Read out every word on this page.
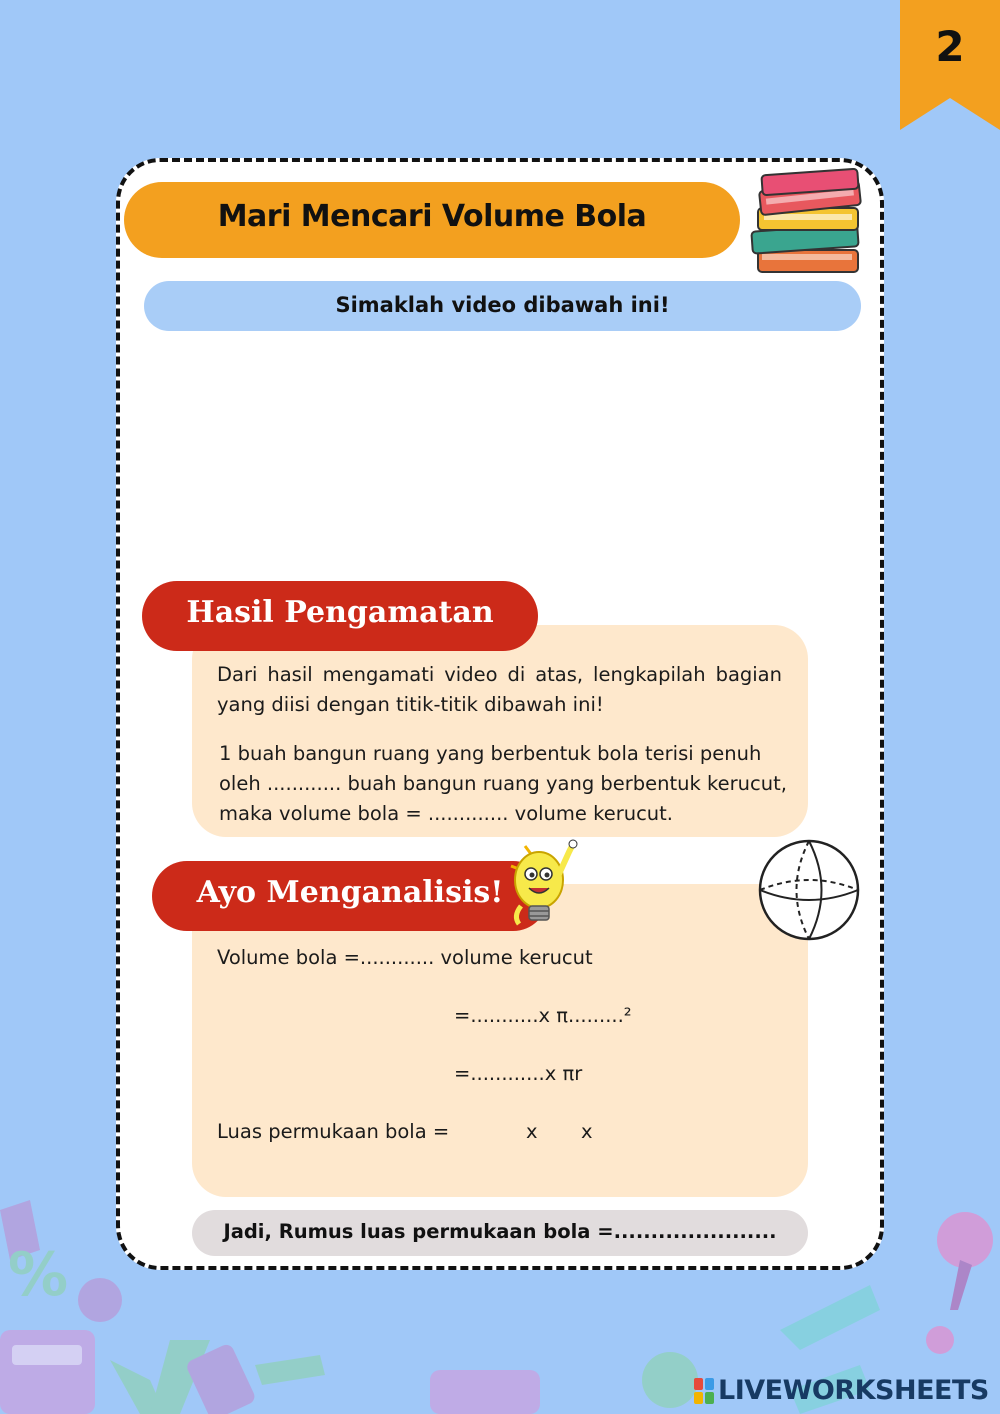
%
2
Mari Mencari Volume Bola
Simaklah video dibawah ini!
Hasil Pengamatan
Dari hasil mengamati video di atas, lengkapilah bagian yang diisi dengan titik-titik dibawah ini!
1 buah bangun ruang yang berbentuk bola terisi penuh oleh ............ buah bangun ruang yang berbentuk kerucut, maka volume bola = ............. volume kerucut.
Ayo Menganalisis!
Volume bola =............ volume kerucut
=...........x π.........²
=............x πr
Luas permukaan bola =	x x
Jadi, Rumus luas permukaan bola =......................
LIVEWORKSHEETS
